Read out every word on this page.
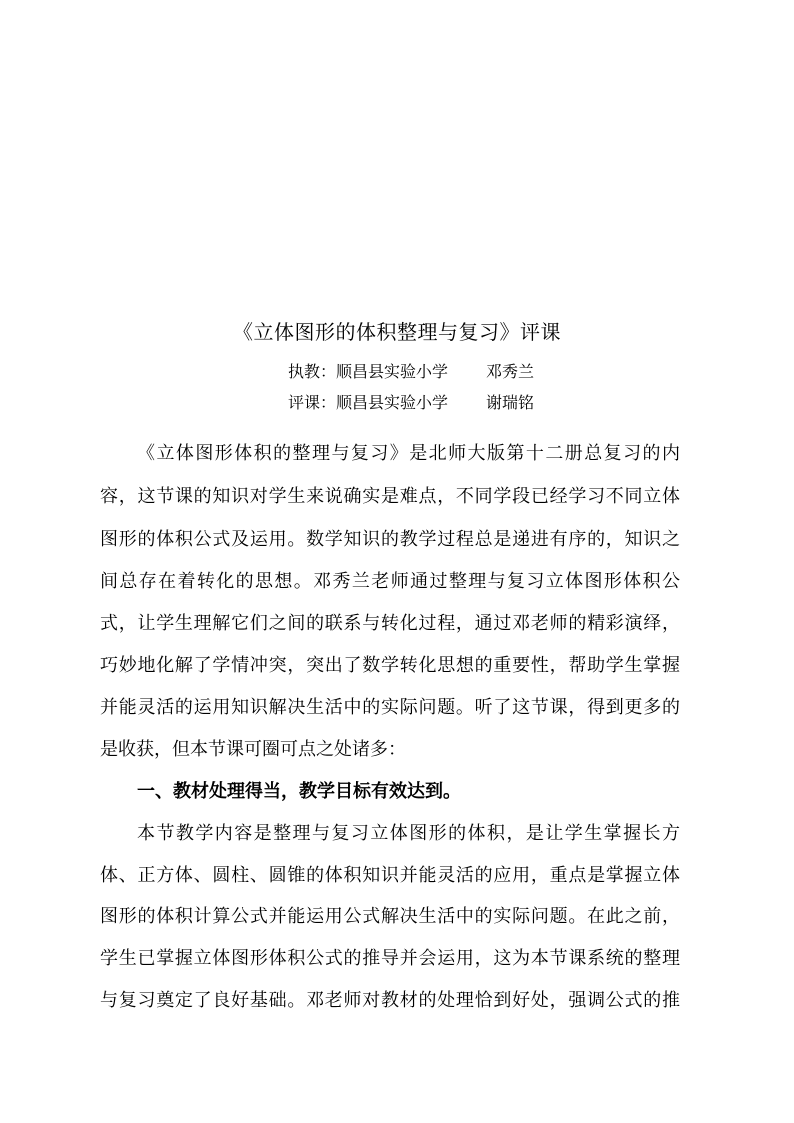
《立体图形的体积整理与复习》评课
执教：顺昌县实验小学 邓秀兰
评课：顺昌县实验小学 谢瑞铭
《立体图形体积的整理与复习》是北师大版第十二册总复习的内
容，这节课的知识对学生来说确实是难点，不同学段已经学习不同立体
图形的体积公式及运用。数学知识的教学过程总是递进有序的，知识之
间总存在着转化的思想。邓秀兰老师通过整理与复习立体图形体积公
式，让学生理解它们之间的联系与转化过程，通过邓老师的精彩演绎，
巧妙地化解了学情冲突，突出了数学转化思想的重要性，帮助学生掌握
并能灵活的运用知识解决生活中的实际问题。听了这节课，得到更多的
是收获，但本节课可圈可点之处诸多：
一、教材处理得当，教学目标有效达到。
本节教学内容是整理与复习立体图形的体积，是让学生掌握长方
体、正方体、圆柱、圆锥的体积知识并能灵活的应用，重点是掌握立体
图形的体积计算公式并能运用公式解决生活中的实际问题。在此之前，
学生已掌握立体图形体积公式的推导并会运用，这为本节课系统的整理
与复习奠定了良好基础。邓老师对教材的处理恰到好处，强调公式的推
